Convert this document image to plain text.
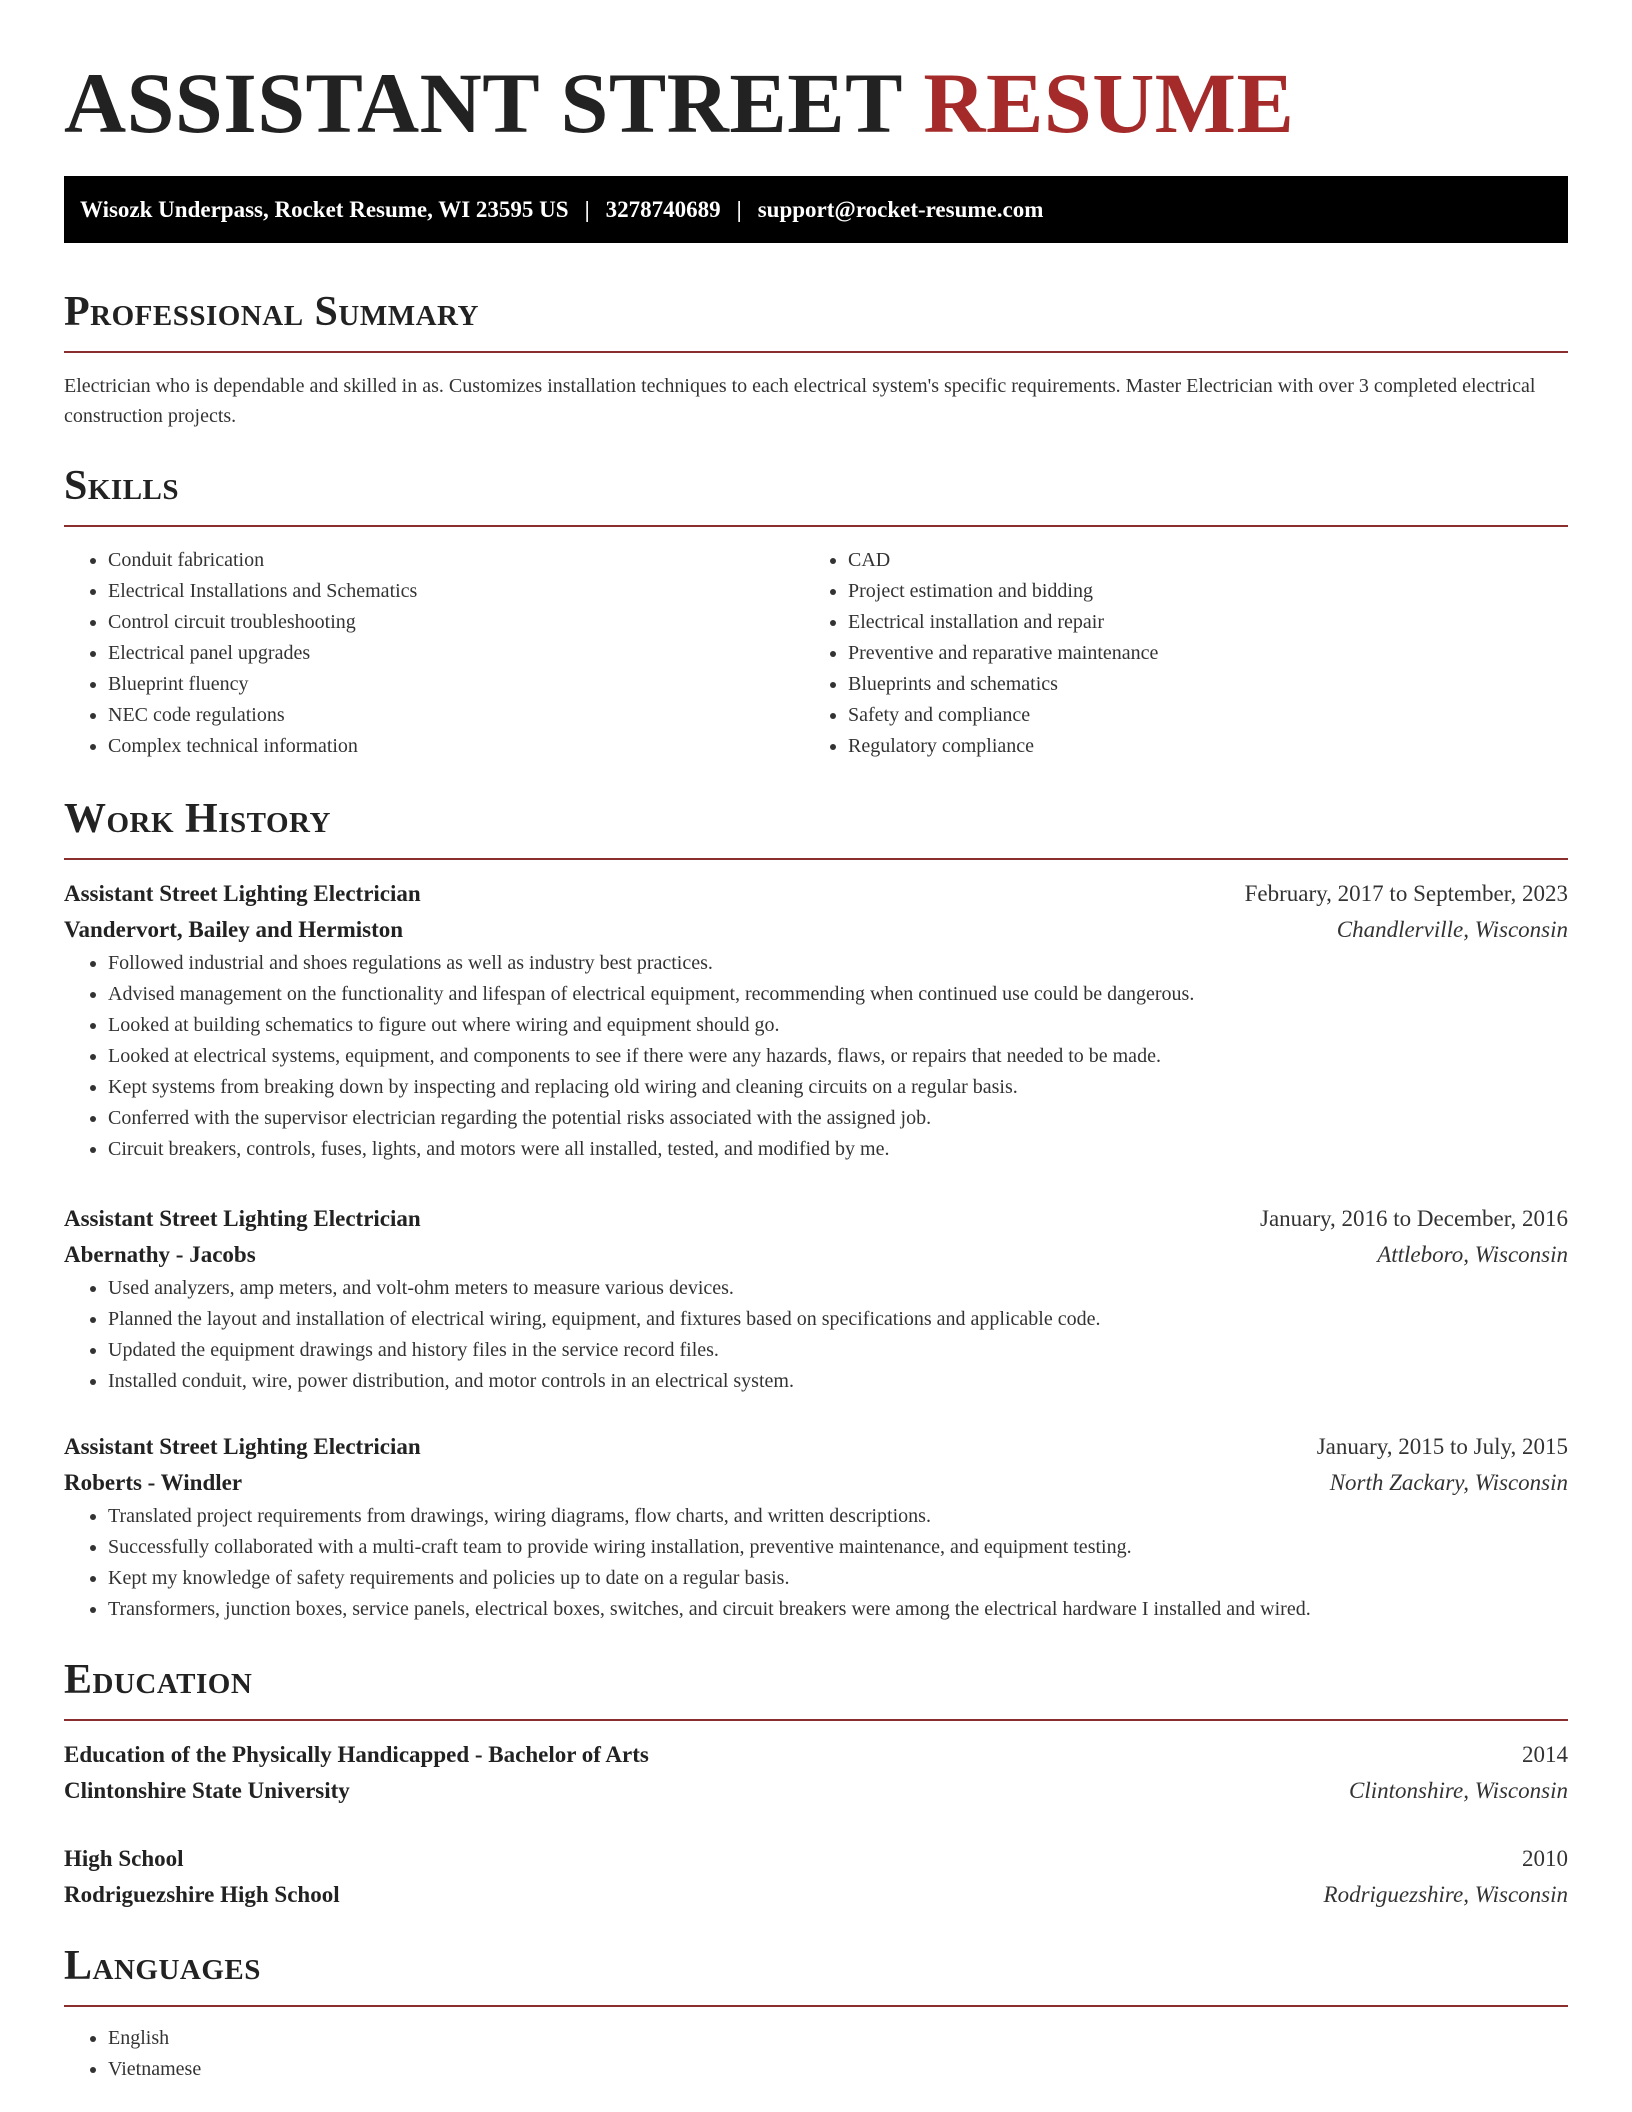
ASSISTANT STREET RESUME
Wisozk Underpass, Rocket Resume, WI 23595 US | 3278740689 | support@rocket-resume.com
Professional Summary

Electrician who is dependable and skilled in as. Customizes installation techniques to each electrical system's specific requirements. Master Electrician with over 3 completed electrical construction projects.

Skills
• Conduit fabrication
• Electrical Installations and Schematics
• Control circuit troubleshooting
• Electrical panel upgrades
• Blueprint fluency
• NEC code regulations
• Complex technical information
• CAD
• Project estimation and bidding
• Electrical installation and repair
• Preventive and reparative maintenance
• Blueprints and schematics
• Safety and compliance
• Regulatory compliance
Work History
Assistant Street Lighting Electrician	February, 2017 to September, 2023
Vandervort, Bailey and Hermiston	Chandlerville, Wisconsin
• Followed industrial and shoes regulations as well as industry best practices.
• Advised management on the functionality and lifespan of electrical equipment, recommending when continued use could be dangerous.
• Looked at building schematics to figure out where wiring and equipment should go.
• Looked at electrical systems, equipment, and components to see if there were any hazards, flaws, or repairs that needed to be made.
• Kept systems from breaking down by inspecting and replacing old wiring and cleaning circuits on a regular basis.
• Conferred with the supervisor electrician regarding the potential risks associated with the assigned job.
• Circuit breakers, controls, fuses, lights, and motors were all installed, tested, and modified by me.
Assistant Street Lighting Electrician	January, 2016 to December, 2016
Abernathy - Jacobs	Attleboro, Wisconsin
• Used analyzers, amp meters, and volt-ohm meters to measure various devices.
• Planned the layout and installation of electrical wiring, equipment, and fixtures based on specifications and applicable code.
• Updated the equipment drawings and history files in the service record files.
• Installed conduit, wire, power distribution, and motor controls in an electrical system.
Assistant Street Lighting Electrician	January, 2015 to July, 2015
Roberts - Windler	North Zackary, Wisconsin
• Translated project requirements from drawings, wiring diagrams, flow charts, and written descriptions.
• Successfully collaborated with a multi-craft team to provide wiring installation, preventive maintenance, and equipment testing.
• Kept my knowledge of safety requirements and policies up to date on a regular basis.
• Transformers, junction boxes, service panels, electrical boxes, switches, and circuit breakers were among the electrical hardware I installed and wired.
Education
Education of the Physically Handicapped - Bachelor of Arts	2014
Clintonshire State University	Clintonshire, Wisconsin
High School	2010
Rodriguezshire High School	Rodriguezshire, Wisconsin
Languages
• English
• Vietnamese
